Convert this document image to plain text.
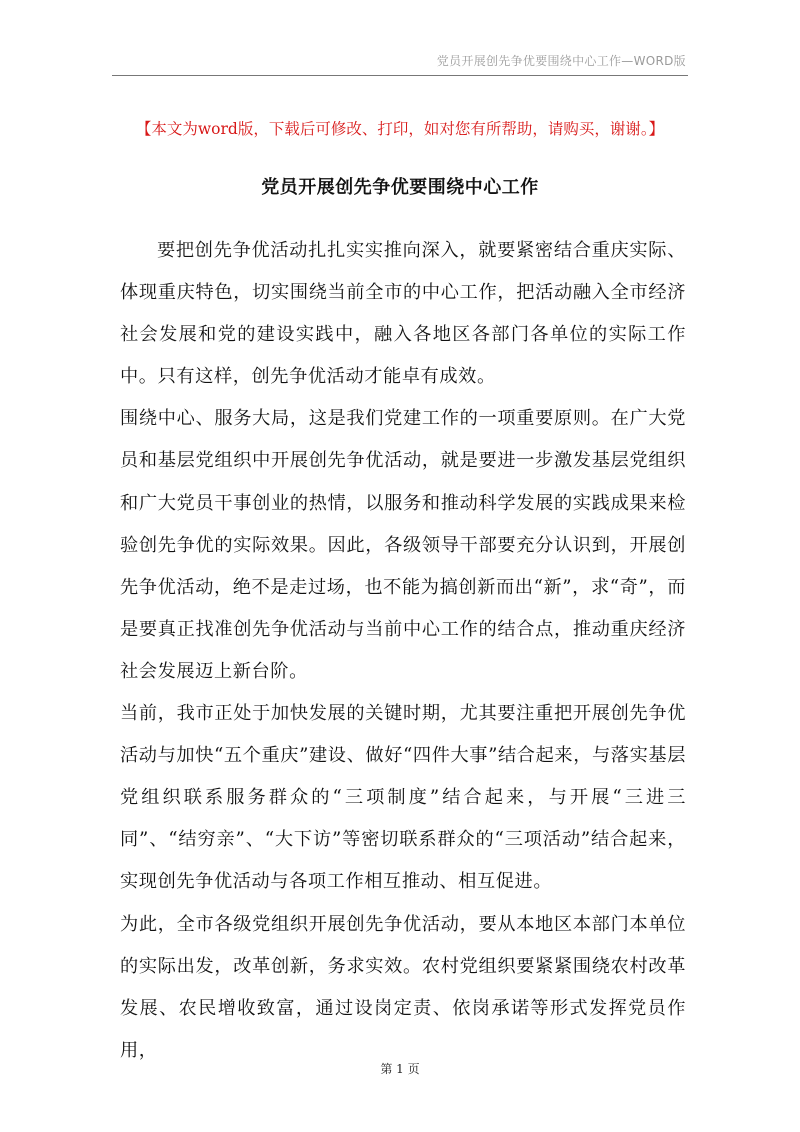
党员开展创先争优要围绕中心工作—WORD版
【本文为word版，下载后可修改、打印，如对您有所帮助，请购买，谢谢。】
党员开展创先争优要围绕中心工作

要把创先争优活动扎扎实实推向深入，就要紧密结合重庆实际、体现重庆特色，切实围绕当前全市的中心工作，把活动融入全市经济社会发展和党的建设实践中，融入各地区各部门各单位的实际工作中。只有这样，创先争优活动才能卓有成效。

围绕中心、服务大局，这是我们党建工作的一项重要原则。在广大党员和基层党组织中开展创先争优活动，就是要进一步激发基层党组织和广大党员干事创业的热情，以服务和推动科学发展的实践成果来检验创先争优的实际效果。因此，各级领导干部要充分认识到，开展创先争优活动，绝不是走过场，也不能为搞创新而出“新”，求“奇”，而是要真正找准创先争优活动与当前中心工作的结合点，推动重庆经济社会发展迈上新台阶。

当前，我市正处于加快发展的关键时期，尤其要注重把开展创先争优活动与加快“五个重庆”建设、做好“四件大事”结合起来，与落实基层党组织联系服务群众的“三项制度”结合起来，与开展“三进三同”、“结穷亲”、“大下访”等密切联系群众的“三项活动”结合起来，实现创先争优活动与各项工作相互推动、相互促进。

为此，全市各级党组织开展创先争优活动，要从本地区本部门本单位的实际出发，改革创新，务求实效。农村党组织要紧紧围绕农村改革发展、农民增收致富，通过设岗定责、依岗承诺等形式发挥党员作用，

第 1 页
